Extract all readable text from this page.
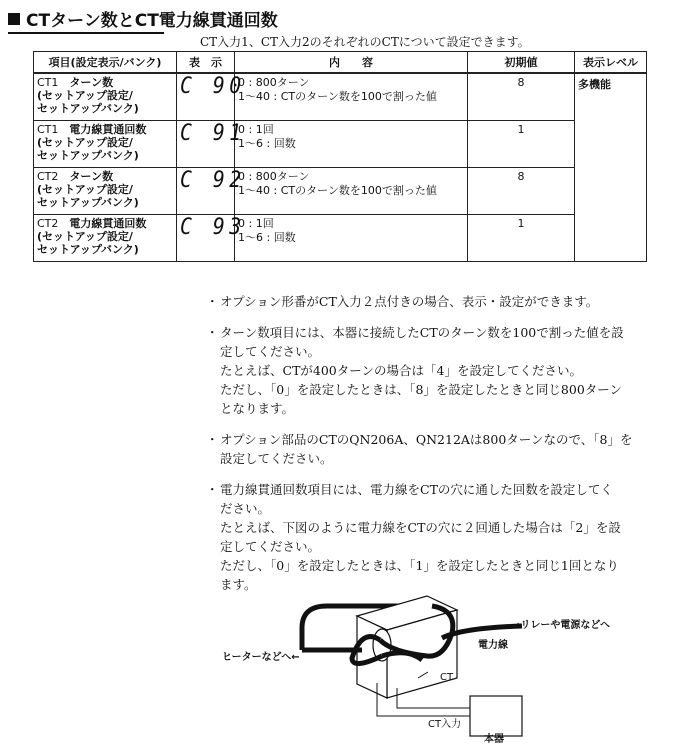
CTターン数とCT電力線貫通回数
CT入力1、CT入力2のそれぞれのCTについて設定できます。
項目(設定表示/バンク)	表　示	内　　容	初期値	表示レベル

CT1　 ターン数
(セットアップ設定/
セットアップバンク)	C 90	0 : 800ターン
1～40 : CTのターン数を100で割った値	8	多機能

CT1　 電力線貫通回数
(セットアップ設定/
セットアップバンク)	C 91	0 : 1回
1～6 : 回数	1	

CT2　 ターン数
(セットアップ設定/
セットアップバンク)	C 92	0 : 800ターン
1～40 : CTのターン数を100で割った値	8	

CT2　 電力線貫通回数
(セットアップ設定/
セットアップバンク)	C 93	0 : 1回
1～6 : 回数	1	
・ オプション形番がCT入力２点付きの場合、表示・設定ができます。
・ ターン数項目には、本器に接続したCTのターン数を100で割った値を設
定してください。
たとえば、CTが400ターンの場合は「4」を設定してください。
ただし、「0」を設定したときは、「8」を設定したときと同じ800ターン
となります。
・ オプション部品のCTのQN206A、QN212Aは800ターンなので、「8」を
設定してください。
・ 電力線貫通回数項目には、電力線をCTの穴に通した回数を設定してく
ださい。
たとえば、下図のように電力線をCTの穴に２回通した場合は「2」を設
定してください。
ただし、「0」を設定したときは、「1」を設定したときと同じ1回となり
ます。
→リレーや電源などへ
電力線
ヒーターなどへ←
CT
CT入力
本器
